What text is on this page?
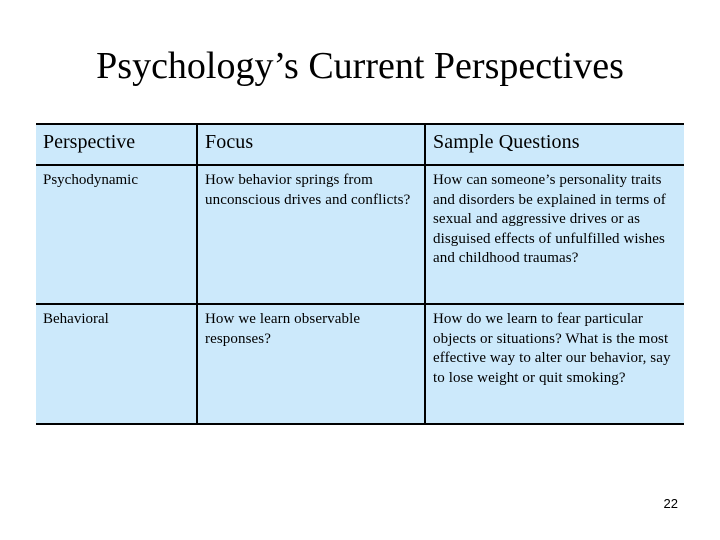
Psychology’s Current Perspectives
Perspective	Focus	Sample Questions
Psychodynamic	How behavior springs from unconscious drives and conflicts?	How can someone’s personality traits and disorders be explained in terms of sexual and aggressive drives or as disguised effects of unfulfilled wishes and childhood traumas?
Behavioral	How we learn observable responses?	How do we learn to fear particular objects or situations? What is the most effective way to alter our behavior, say to lose weight or quit smoking?
22
